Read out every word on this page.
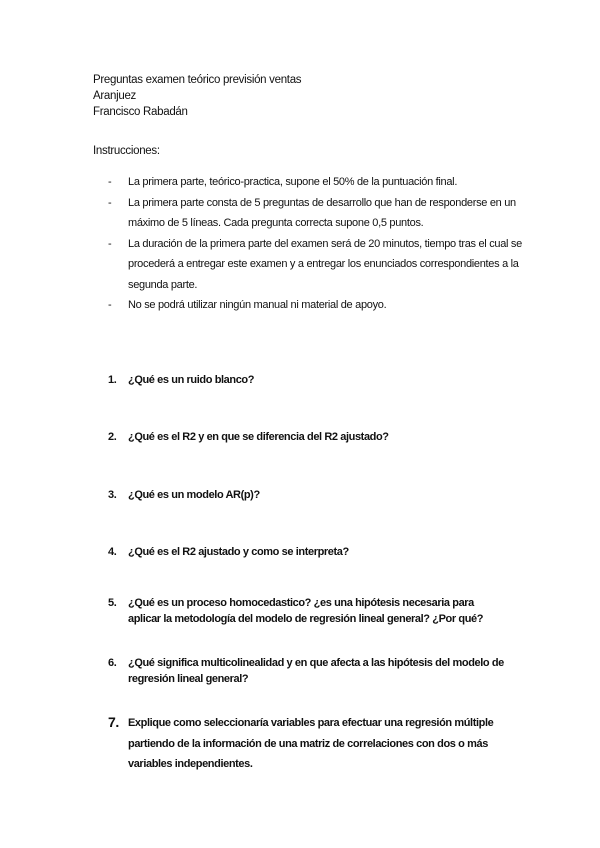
Preguntas examen teórico previsión ventas
Aranjuez
Francisco Rabadán
Instrucciones:
- La primera parte, teórico-practica, supone el 50% de la puntuación final.
- La primera parte consta de 5 preguntas de desarrollo que han de responderse en un máximo de 5 líneas. Cada pregunta correcta supone 0,5 puntos.
- La duración de la primera parte del examen será de 20 minutos, tiempo tras el cual se procederá a entregar este examen y a entregar los enunciados correspondientes a la segunda parte.
- No se podrá utilizar ningún manual ni material de apoyo.
1.	¿Qué es un ruido blanco?
2.	¿Qué es el R2 y en que se diferencia del R2 ajustado?
3.	¿Qué es un modelo AR(p)?
4.	¿Qué es el R2 ajustado y como se interpreta?
5.	¿Qué es un proceso homocedastico? ¿es una hipótesis necesaria para aplicar la metodología del modelo de regresión lineal general? ¿Por qué?
6.	¿Qué significa multicolinealidad y en que afecta a las hipótesis del modelo de regresión lineal general?
7. Explique como seleccionaría variables para efectuar una regresión múltiple partiendo de la información de una matriz de correlaciones con dos o más variables independientes.
